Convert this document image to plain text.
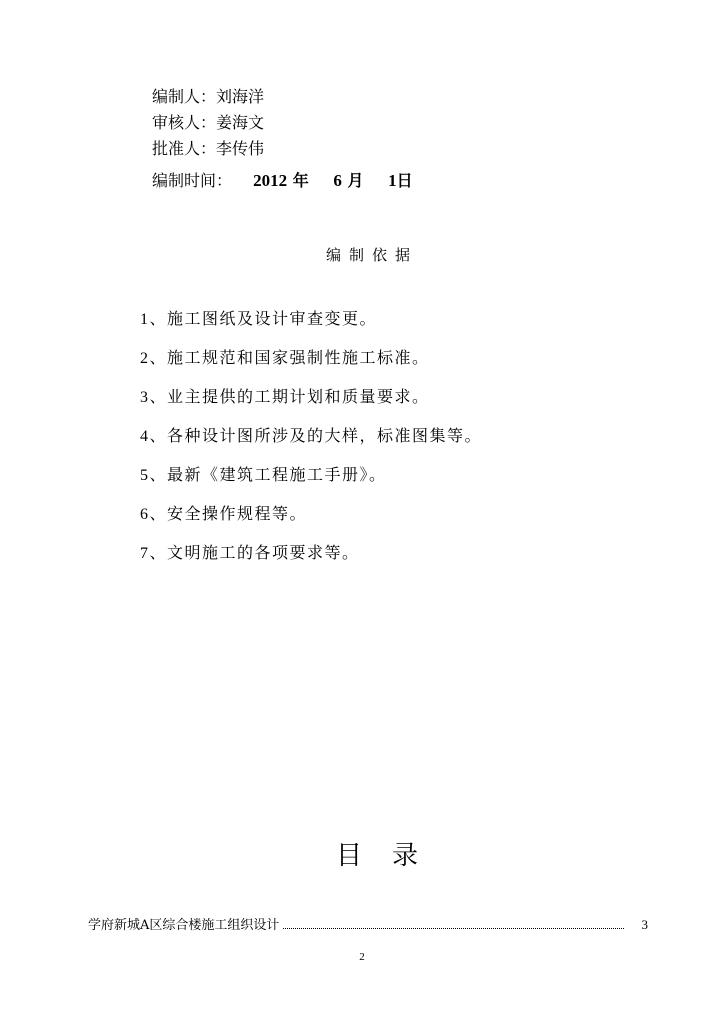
编制人：刘海洋
审核人：姜海文
批准人：李传伟
编制时间： 2012 年 6 月 1日
编制依据
1、施工图纸及设计审查变更。
2、施工规范和国家强制性施工标准。
3、业主提供的工期计划和质量要求。
4、各种设计图所涉及的大样，标准图集等。
5、最新《建筑工程施工手册》。
6、安全操作规程等。
7、文明施工的各项要求等。
目录
学府新城A区综合楼施工组织设计	3
2
